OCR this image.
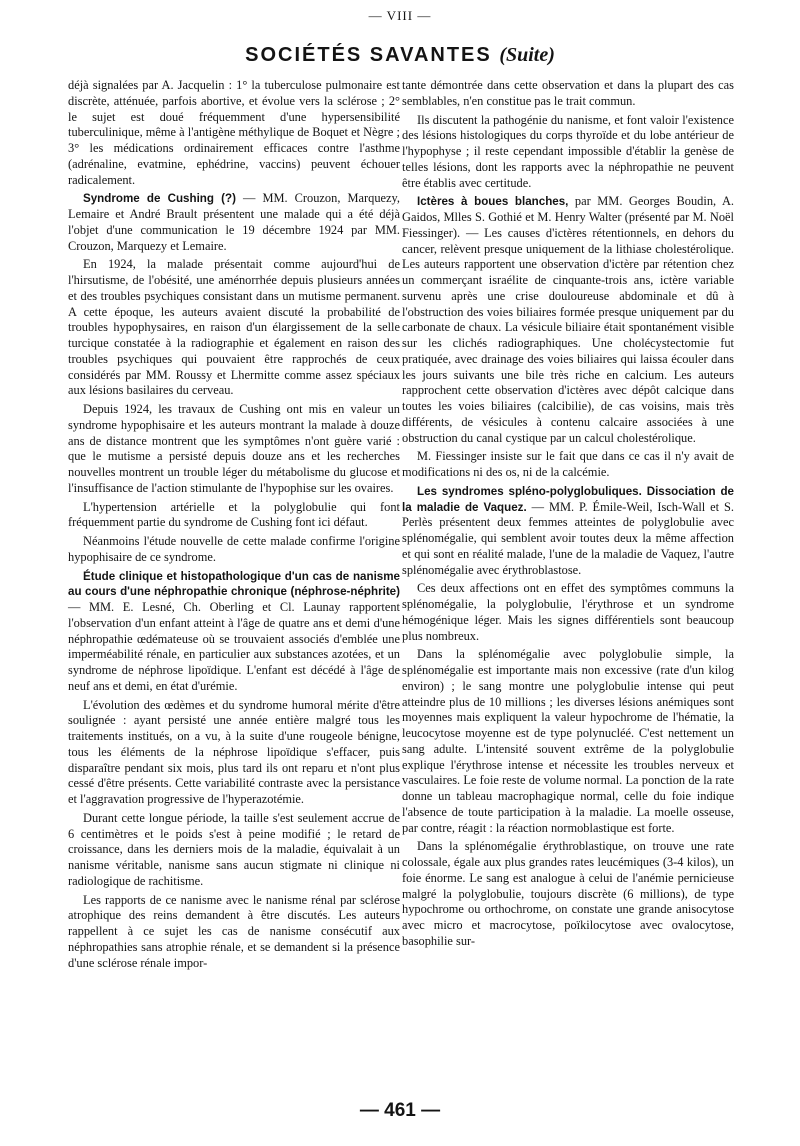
— VIII —
SOCIÉTÉS SAVANTES (Suite)

déjà signalées par A. Jacquelin : 1° la tuberculose pulmonaire est discrète, atténuée, parfois abortive, et évolue vers la sclérose ; 2° le sujet est doué fréquemment d'une hypersensibilité tuberculinique, même à l'antigène méthylique de Boquet et Nègre ; 3° les médications ordinairement efficaces contre l'asthme (adrénaline, evatmine, ephédrine, vaccins) peuvent échouer radicalement.

Syndrome de Cushing (?) — MM. Crouzon, Marquezy, Lemaire et André Brault présentent une malade qui a été déjà l'objet d'une communication le 19 décembre 1924 par MM. Crouzon, Marquezy et Lemaire.

En 1924, la malade présentait comme aujourd'hui de l'hirsutisme, de l'obésité, une aménorrhée depuis plusieurs années et des troubles psychiques consistant dans un mutisme permanent. A cette époque, les auteurs avaient discuté la probabilité de troubles hypophysaires, en raison d'un élargissement de la selle turcique constatée à la radiographie et également en raison des troubles psychiques qui pouvaient être rapprochés de ceux considérés par MM. Roussy et Lhermitte comme assez spéciaux aux lésions basilaires du cerveau.

Depuis 1924, les travaux de Cushing ont mis en valeur un syndrome hypophisaire et les auteurs montrant la malade à douze ans de distance montrent que les symptômes n'ont guère varié : que le mutisme a persisté depuis douze ans et les recherches nouvelles montrent un trouble léger du métabolisme du glucose et l'insuffisance de l'action stimulante de l'hypophise sur les ovaires.

L'hypertension artérielle et la polyglobulie qui font fréquemment partie du syndrome de Cushing font ici défaut.

Néanmoins l'étude nouvelle de cette malade confirme l'origine hypophisaire de ce syndrome.

Étude clinique et histopathologique d'un cas de nanisme au cours d'une néphropathie chronique (néphrose-néphrite) — MM. E. Lesné, Ch. Oberling et Cl. Launay rapportent l'observation d'un enfant atteint à l'âge de quatre ans et demi d'une néphropathie œdémateuse où se trouvaient associés d'emblée une imperméabilité rénale, en particulier aux substances azotées, et un syndrome de néphrose lipoïdique. L'enfant est décédé à l'âge de neuf ans et demi, en état d'urémie.

L'évolution des œdèmes et du syndrome humoral mérite d'être soulignée : ayant persisté une année entière malgré tous les traitements institués, on a vu, à la suite d'une rougeole bénigne, tous les éléments de la néphrose lipoïdique s'effacer, puis disparaître pendant six mois, plus tard ils ont reparu et n'ont plus cessé d'être présents. Cette variabilité contraste avec la persistance et l'aggravation progressive de l'hyperazotémie.

Durant cette longue période, la taille s'est seulement accrue de 6 centimètres et le poids s'est à peine modifié ; le retard de croissance, dans les derniers mois de la maladie, équivalait à un nanisme véritable, nanisme sans aucun stigmate ni clinique ni radiologique de rachitisme.

Les rapports de ce nanisme avec le nanisme rénal par sclérose atrophique des reins demandent à être discutés. Les auteurs rappellent à ce sujet les cas de nanisme consécutif aux néphropathies sans atrophie rénale, et se demandent si la présence d'une sclérose rénale impor-

tante démontrée dans cette observation et dans la plupart des cas semblables, n'en constitue pas le trait commun.

Ils discutent la pathogénie du nanisme, et font valoir l'existence des lésions histologiques du corps thyroïde et du lobe antérieur de l'hypophyse ; il reste cependant impossible d'établir la genèse de telles lésions, dont les rapports avec la néphropathie ne peuvent être établis avec certitude.

Ictères à boues blanches, par MM. Georges Boudin, A. Gaidos, Mlles S. Gothié et M. Henry Walter (présenté par M. Noël Fiessinger). — Les causes d'ictères rétentionnels, en dehors du cancer, relèvent presque uniquement de la lithiase cholestérolique. Les auteurs rapportent une observation d'ictère par rétention chez un commerçant israélite de cinquante-trois ans, ictère variable survenu après une crise douloureuse abdominale et dû à l'obstruction des voies biliaires formée presque uniquement par du carbonate de chaux. La vésicule biliaire était spontanément visible sur les clichés radiographiques. Une cholécystectomie fut pratiquée, avec drainage des voies biliaires qui laissa écouler dans les jours suivants une bile très riche en calcium. Les auteurs rapprochent cette observation d'ictères avec dépôt calcique dans toutes les voies biliaires (calcibilie), de cas voisins, mais très différents, de vésicules à contenu calcaire associées à une obstruction du canal cystique par un calcul cholestérolique.

M. Fiessinger insiste sur le fait que dans ce cas il n'y avait de modifications ni des os, ni de la calcémie.

Les syndromes spléno-polyglobuliques. Dissociation de la maladie de Vaquez. — MM. P. Émile-Weil, Isch-Wall et S. Perlès présentent deux femmes atteintes de polyglobulie avec splénomégalie, qui semblent avoir toutes deux la même affection et qui sont en réalité malade, l'une de la maladie de Vaquez, l'autre splénomégalie avec érythroblastose.

Ces deux affections ont en effet des symptômes communs la splénomégalie, la polyglobulie, l'érythrose et un syndrome hémogénique léger. Mais les signes différentiels sont beaucoup plus nombreux.

Dans la splénomégalie avec polyglobulie simple, la splénomégalie est importante mais non excessive (rate d'un kilog environ) ; le sang montre une polyglobulie intense qui peut atteindre plus de 10 millions ; les diverses lésions anémiques sont moyennes mais expliquent la valeur hypochrome de l'hématie, la leucocytose moyenne est de type polynucléé. C'est nettement un sang adulte. L'intensité souvent extrême de la polyglobulie explique l'érythrose intense et nécessite les troubles nerveux et vasculaires. Le foie reste de volume normal. La ponction de la rate donne un tableau macrophagique normal, celle du foie indique l'absence de toute participation à la maladie. La moelle osseuse, par contre, réagit : la réaction normoblastique est forte.

Dans la splénomégalie érythroblastique, on trouve une rate colossale, égale aux plus grandes rates leucémiques (3-4 kilos), un foie énorme. Le sang est analogue à celui de l'anémie pernicieuse malgré la polyglobulie, toujours discrète (6 millions), de type hypochrome ou orthochrome, on constate une grande anisocytose avec micro et macrocytose, poïkilocytose avec ovalocytose, basophilie sur-

— 461 —
